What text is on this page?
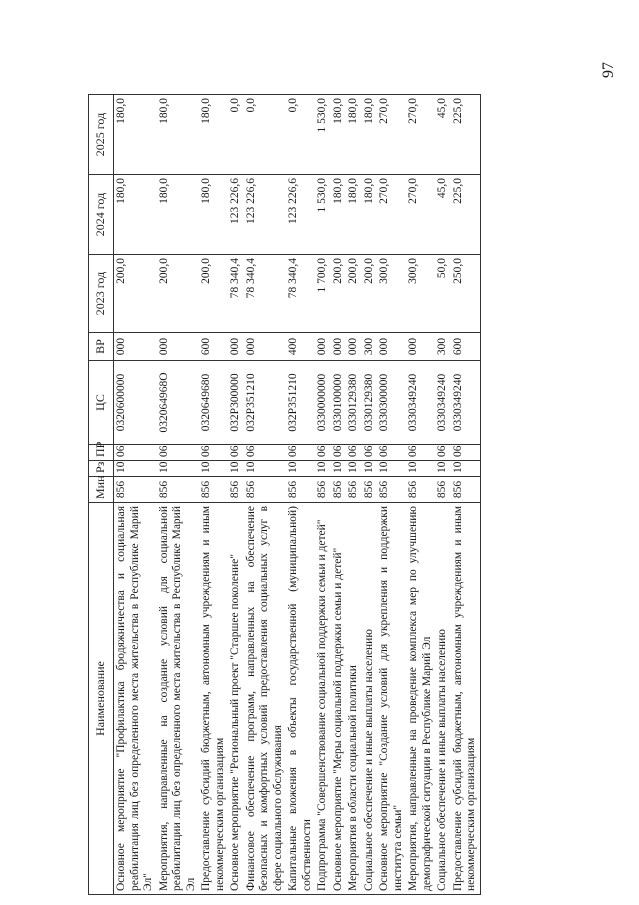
97
Наименование	Мин	Рз	ПР	ЦС	ВР	2023 год	2024 год	2025 год
Основное мероприятие "Профилактика бродяжничества и социальная реабилитация лиц без определенного места жительства в Республике Марий Эл"	856	10	06	0320600000	000	200,0	180,0	180,0
Мероприятия, направленные на создание условий для социальной реабилитации лиц без определенного места жительства в Республике Марий Эл	856	10	06	032064968О	000	200,0	180,0	180,0
Предоставление субсидий бюджетным, автономным учреждениям и иным некоммерческим организациям	856	10	06	0320649680	600	200,0	180,0	180,0
Основное мероприятие "Региональный проект "Старшее поколение"	856	10	06	032P300000	000	78 340,4	123 226,6	0,0
Финансовое обеспечение программ, направленных на обеспечение безопасных и комфортных условий предоставления социальных услуг в сфере социального обслуживания	856	10	06	032P351210	000	78 340,4	123 226,6	0,0
Капитальные вложения в объекты государственной (муниципальной) собственности	856	10	06	032P351210	400	78 340,4	123 226,6	0,0
Подпрограмма "Совершенствование социальной поддержки семьи и детей"	856	10	06	0330000000	000	1 700,0	1 530,0	1 530,0
Основное мероприятие "Меры социальной поддержки семьи и детей"	856	10	06	0330100000	000	200,0	180,0	180,0
Мероприятия в области социальной политики	856	10	06	0330129380	000	200,0	180,0	180,0
Социальное обеспечение и иные выплаты населению	856	10	06	0330129380	300	200,0	180,0	180,0
Основное мероприятие "Создание условий для укрепления и поддержки института семьи"	856	10	06	0330300000	000	300,0	270,0	270,0
Мероприятия, направленные на проведение комплекса мер по улучшению демографической ситуации в Республике Марий Эл	856	10	06	0330349240	000	300,0	270,0	270,0
Социальное обеспечение и иные выплаты населению	856	10	06	0330349240	300	50,0	45,0	45,0
Предоставление субсидий бюджетным, автономным учреждениям и иным некоммерческим организациям	856	10	06	0330349240	600	250,0	225,0	225,0
